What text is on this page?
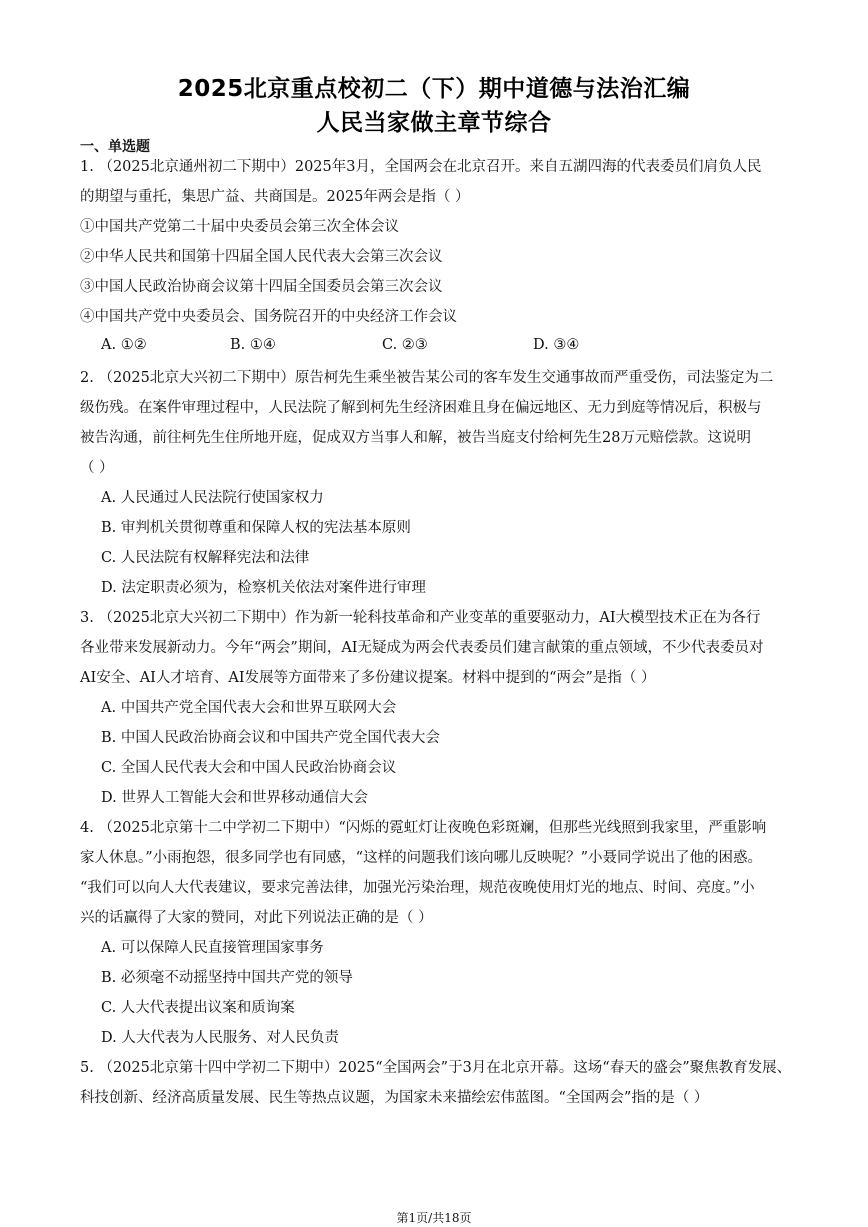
2025北京重点校初二（下）期中道德与法治汇编
人民当家做主章节综合
一、单选题
1. （2025北京通州初二下期中）2025年3月，全国两会在北京召开。来自五湖四海的代表委员们肩负人民
的期望与重托，集思广益、共商国是。2025年两会是指（ ）
①中国共产党第二十届中央委员会第三次全体会议
②中华人民共和国第十四届全国人民代表大会第三次会议
③中国人民政治协商会议第十四届全国委员会第三次会议
④中国共产党中央委员会、国务院召开的中央经济工作会议
A. ①②	B. ①④	C. ②③	D. ③④
2. （2025北京大兴初二下期中）原告柯先生乘坐被告某公司的客车发生交通事故而严重受伤，司法鉴定为二
级伤残。在案件审理过程中，人民法院了解到柯先生经济困难且身在偏远地区、无力到庭等情况后，积极与
被告沟通，前往柯先生住所地开庭，促成双方当事人和解，被告当庭支付给柯先生28万元赔偿款。这说明
（ ）
A. 人民通过人民法院行使国家权力
B. 审判机关贯彻尊重和保障人权的宪法基本原则
C. 人民法院有权解释宪法和法律
D. 法定职责必须为，检察机关依法对案件进行审理
3. （2025北京大兴初二下期中）作为新一轮科技革命和产业变革的重要驱动力，AI大模型技术正在为各行
各业带来发展新动力。今年“两会”期间，AI无疑成为两会代表委员们建言献策的重点领域，不少代表委员对
AI安全、AI人才培育、AI发展等方面带来了多份建议提案。材料中提到的“两会”是指（ ）
A. 中国共产党全国代表大会和世界互联网大会
B. 中国人民政治协商会议和中国共产党全国代表大会
C. 全国人民代表大会和中国人民政治协商会议
D. 世界人工智能大会和世界移动通信大会
4. （2025北京第十二中学初二下期中）“闪烁的霓虹灯让夜晚色彩斑斓，但那些光线照到我家里，严重影响
家人休息。”小雨抱怨，很多同学也有同感，“这样的问题我们该向哪儿反映呢？”小聂同学说出了他的困惑。
“我们可以向人大代表建议，要求完善法律，加强光污染治理，规范夜晚使用灯光的地点、时间、亮度。”小
兴的话赢得了大家的赞同，对此下列说法正确的是（ ）
A. 可以保障人民直接管理国家事务
B. 必须毫不动摇坚持中国共产党的领导
C. 人大代表提出议案和质询案
D. 人大代表为人民服务、对人民负责
5. （2025北京第十四中学初二下期中）2025“全国两会”于3月在北京开幕。这场“春天的盛会”聚焦教育发展、
科技创新、经济高质量发展、民生等热点议题，为国家未来描绘宏伟蓝图。“全国两会”指的是（ ）
第1页/共18页
